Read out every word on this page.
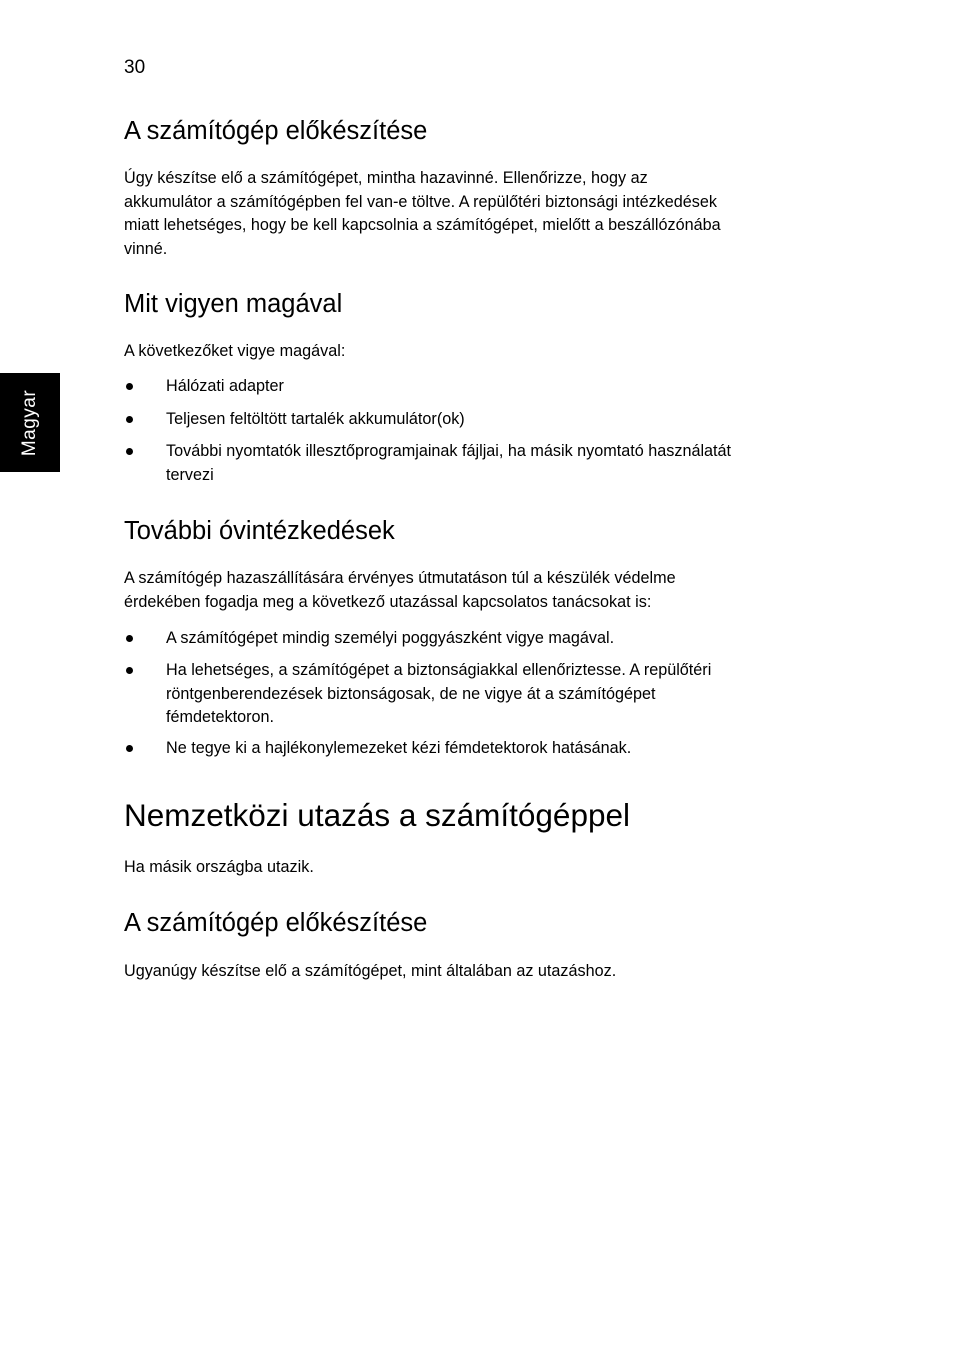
30
Magyar
A számítógép előkészítése

Úgy készítse elő a számítógépet, mintha hazavinné. Ellenőrizze, hogy az
akkumulátor a számítógépben fel van-e töltve. A repülőtéri biztonsági intézkedések
miatt lehetséges, hogy be kell kapcsolnia a számítógépet, mielőtt a beszállózónába
vinné.

Mit vigyen magával

A következőket vigye magával:

Hálózati adapter
Teljesen feltöltött tartalék akkumulátor(ok)
További nyomtatók illesztőprogramjainak fájljai, ha másik nyomtató használatát
tervezi
További óvintézkedések

A számítógép hazaszállítására érvényes útmutatáson túl a készülék védelme
érdekében fogadja meg a következő utazással kapcsolatos tanácsokat is:

A számítógépet mindig személyi poggyászként vigye magával.
Ha lehetséges, a számítógépet a biztonságiakkal ellenőriztesse. A repülőtéri
röntgenberendezések biztonságosak, de ne vigye át a számítógépet
fémdetektoron.
Ne tegye ki a hajlékonylemezeket kézi fémdetektorok hatásának.
Nemzetközi utazás a számítógéppel

Ha másik országba utazik.

A számítógép előkészítése

Ugyanúgy készítse elő a számítógépet, mint általában az utazáshoz.
